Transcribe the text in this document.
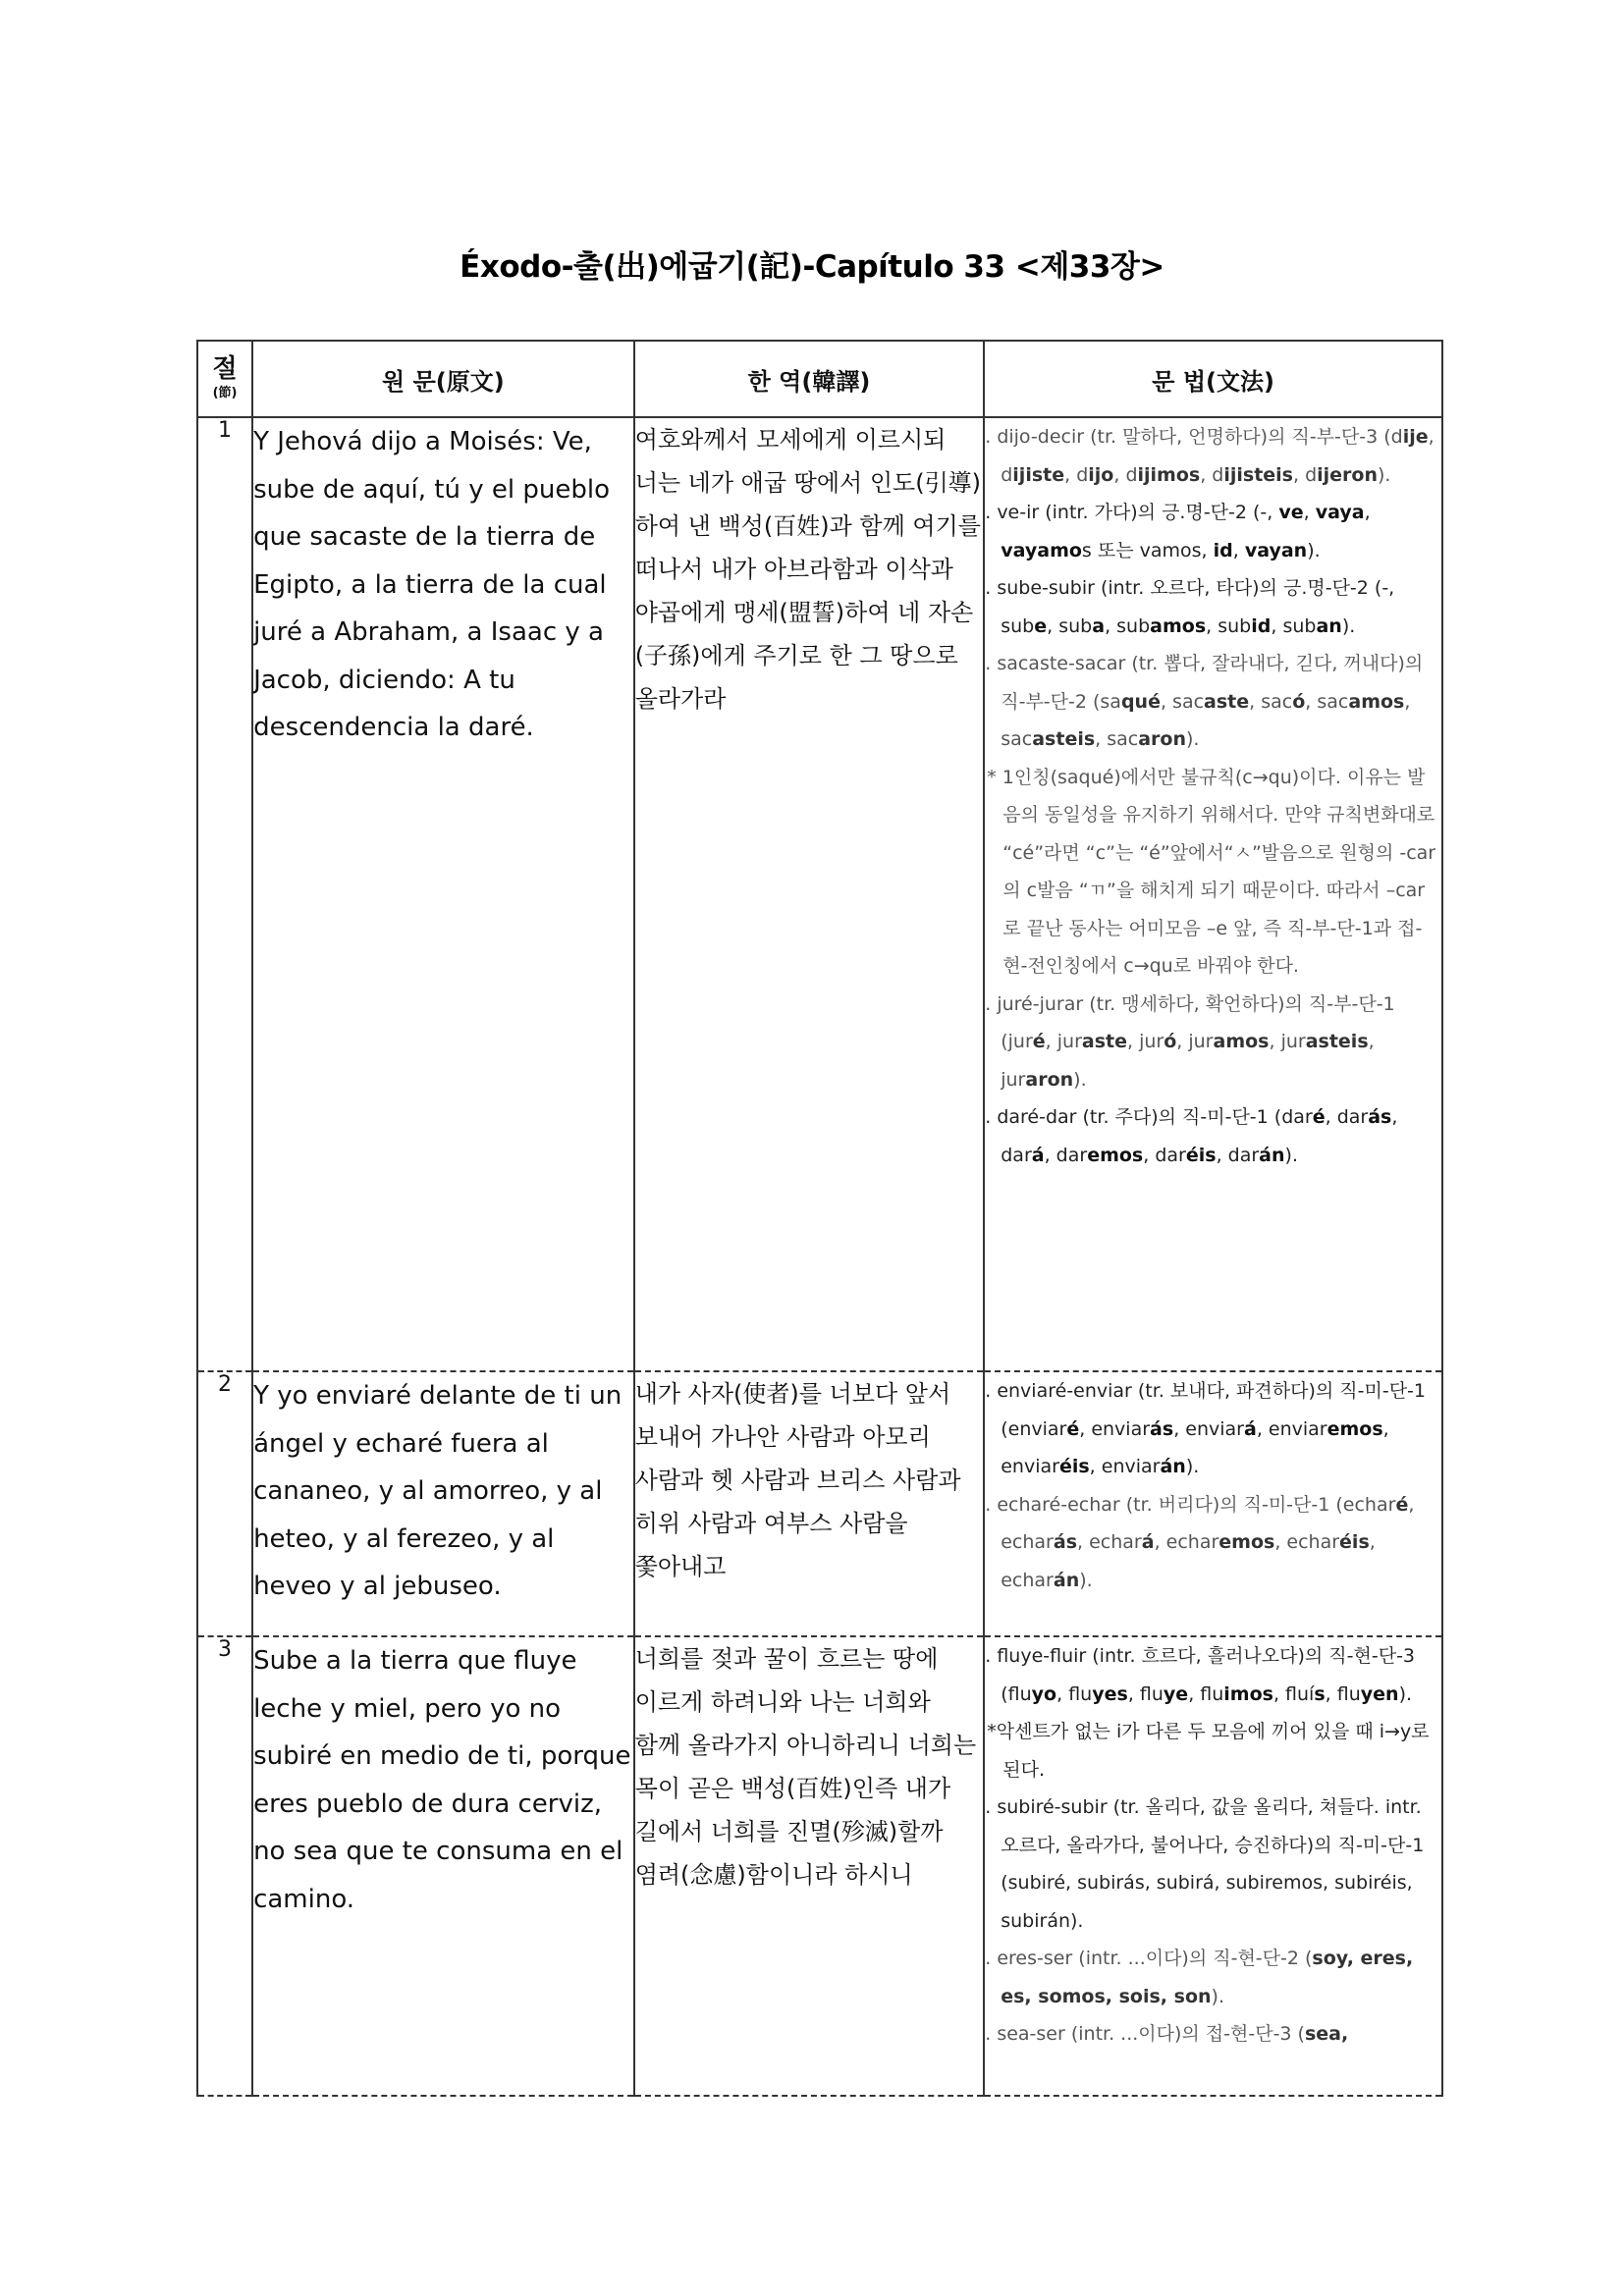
Éxodo-출(出)에굽기(記)-Capítulo 33 <제33장>
절
(節)	원 문(原文)	한 역(韓譯)	문 법(文法)
1	Y Jehová dijo a Moisés: Ve, sube de aquí, tú y el pueblo que sacaste de la tierra de Egipto, a la tierra de la cual juré a Abraham, a Isaac y a Jacob, diciendo: A tu descendencia la daré.	여호와께서 모세에게 이르시되 너는 네가 애굽 땅에서 인도(引導)하여 낸 백성(百姓)과 함께 여기를 떠나서 내가 아브라함과 이삭과 야곱에게 맹세(盟誓)하여 네 자손(子孫)에게 주기로 한 그 땅으로 올라가라	
. dijo-decir (tr. 말하다, 언명하다)의 직-부-단-3 (dije, dijiste, dijo, dijimos, dijisteis, dijeron).
. ve-ir (intr. 가다)의 긍.명-단-2 (-, ve, vaya, vayamos 또는 vamos, id, vayan).
. sube-subir (intr. 오르다, 타다)의 긍.명-단-2 (-, sube, suba, subamos, subid, suban).
. sacaste-sacar (tr. 뽑다, 잘라내다, 긷다, 꺼내다)의 직-부-단-2 (saqué, sacaste, sacó, sacamos, sacasteis, sacaron).
* 1인칭(saqué)에서만 불규칙(c→qu)이다. 이유는 발음의 동일성을 유지하기 위해서다. 만약 규칙변화대로 “cé”라면 “c”는 “é”앞에서“ㅅ”발음으로 원형의 -car의 c발음 “ㄲ”을 해치게 되기 때문이다. 따라서 –car로 끝난 동사는 어미모음 –e 앞, 즉 직-부-단-1과 접-현-전인칭에서 c→qu로 바꿔야 한다.
. juré-jurar (tr. 맹세하다, 확언하다)의 직-부-단-1 (juré, juraste, juró, juramos, jurasteis, juraron).
. daré-dar (tr. 주다)의 직-미-단-1 (daré, darás, dará, daremos, daréis, darán).

2	Y yo enviaré delante de ti un ángel y echaré fuera al cananeo, y al amorreo, y al heteo, y al ferezeo, y al heveo y al jebuseo.	내가 사자(使者)를 너보다 앞서 보내어 가나안 사람과 아모리 사람과 헷 사람과 브리스 사람과 히위 사람과 여부스 사람을 쫓아내고	. enviaré-enviar (tr. 보내다, 파견하다)의 직-미-단-1 (enviaré, enviarás, enviará, enviaremos, enviaréis, enviarán).
. echaré-echar (tr. 버리다)의 직-미-단-1 (echaré, echarás, echará, echaremos, echaréis, echarán).

3	Sube a la tierra que fluye leche y miel, pero yo no subiré en medio de ti, porque eres pueblo de dura cerviz, no sea que te consuma en el camino.	너희를 젖과 꿀이 흐르는 땅에 이르게 하려니와 나는 너희와 함께 올라가지 아니하리니 너희는 목이 곧은 백성(百姓)인즉 내가 길에서 너희를 진멸(殄滅)할까 염려(念慮)함이니라 하시니	. fluye-fluir (intr. 흐르다, 흘러나오다)의 직-현-단-3 (fluyo, fluyes, fluye, fluimos, fluís, fluyen).
*악센트가 없는 i가 다른 두 모음에 끼어 있을 때 i→y로 된다.
. subiré-subir (tr. 올리다, 값을 올리다, 쳐들다. intr. 오르다, 올라가다, 불어나다, 승진하다)의 직-미-단-1 (subiré, subirás, subirá, subiremos, subiréis, subirán).
. eres-ser (intr. ...이다)의 직-현-단-2 (soy, eres, es, somos, sois, son).
. sea-ser (intr. ...이다)의 접-현-단-3 (sea,
